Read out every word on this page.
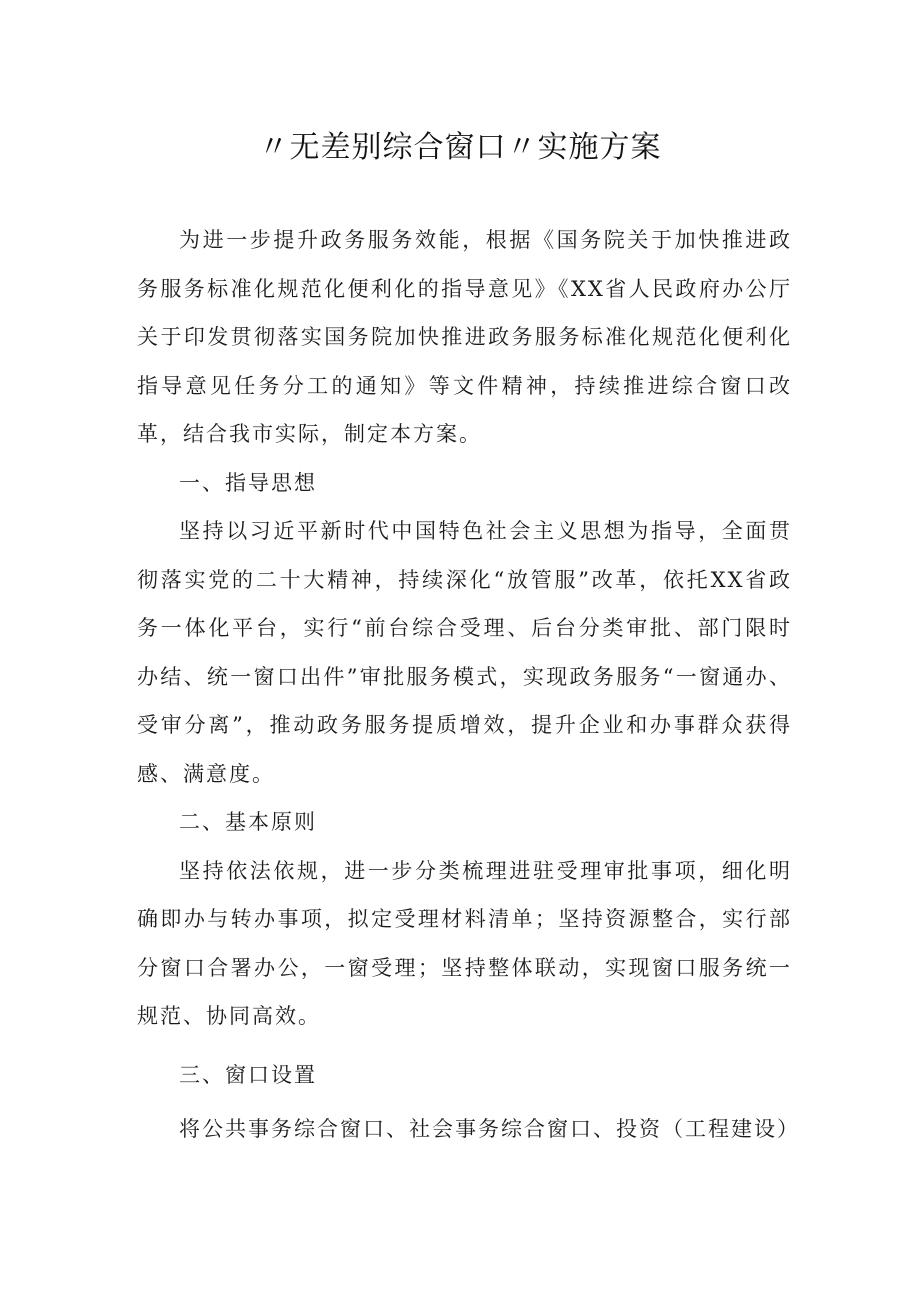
〃无差别综合窗口〃实施方案

为进一步提升政务服务效能，根据《国务院关于加快推进政务服务标准化规范化便利化的指导意见》《XX省人民政府办公厅关于印发贯彻落实国务院加快推进政务服务标准化规范化便利化指导意见任务分工的通知》等文件精神，持续推进综合窗口改革，结合我市实际，制定本方案。

一、指导思想

坚持以习近平新时代中国特色社会主义思想为指导，全面贯彻落实党的二十大精神，持续深化“放管服”改革，依托XX省政务一体化平台，实行“前台综合受理、后台分类审批、部门限时办结、统一窗口出件”审批服务模式，实现政务服务“一窗通办、受审分离”，推动政务服务提质增效，提升企业和办事群众获得感、满意度。

二、基本原则

坚持依法依规，进一步分类梳理进驻受理审批事项，细化明确即办与转办事项，拟定受理材料清单；坚持资源整合，实行部分窗口合署办公，一窗受理；坚持整体联动，实现窗口服务统一规范、协同高效。

三、窗口设置

将公共事务综合窗口、社会事务综合窗口、投资（工程建设）
